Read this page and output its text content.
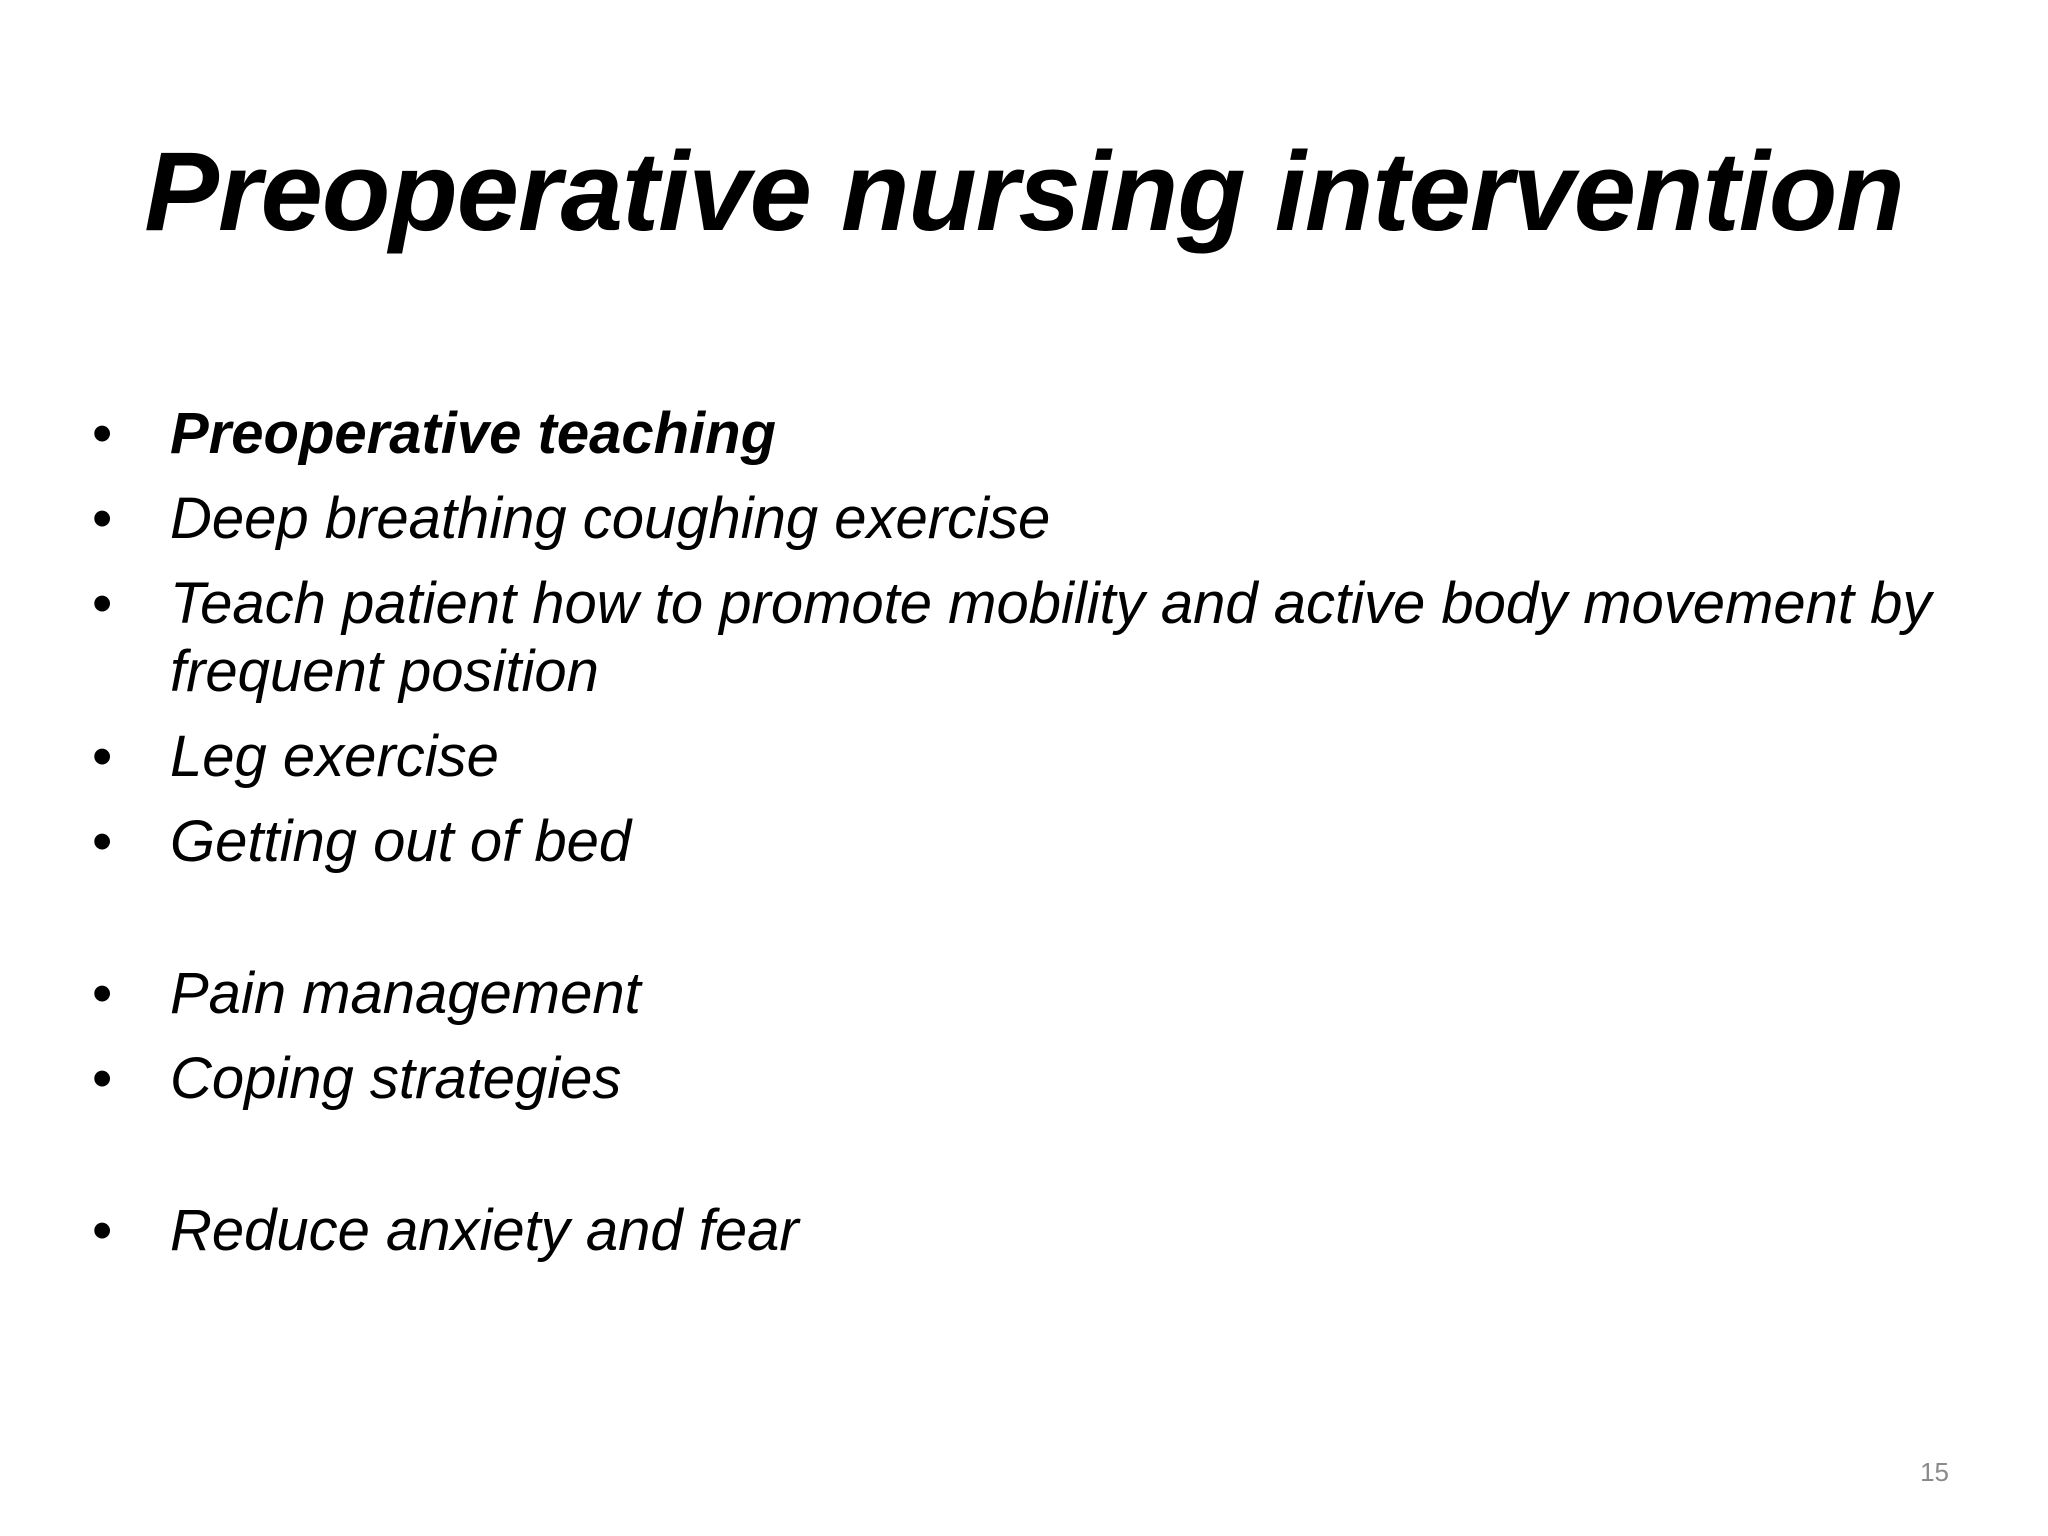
Preoperative nursing intervention
• Preoperative teaching
• Deep breathing coughing exercise
• Teach patient how to promote mobility and active body movement by frequent position
• Leg exercise
• Getting out of bed
• Pain management
• Coping strategies
• Reduce anxiety and fear
15
